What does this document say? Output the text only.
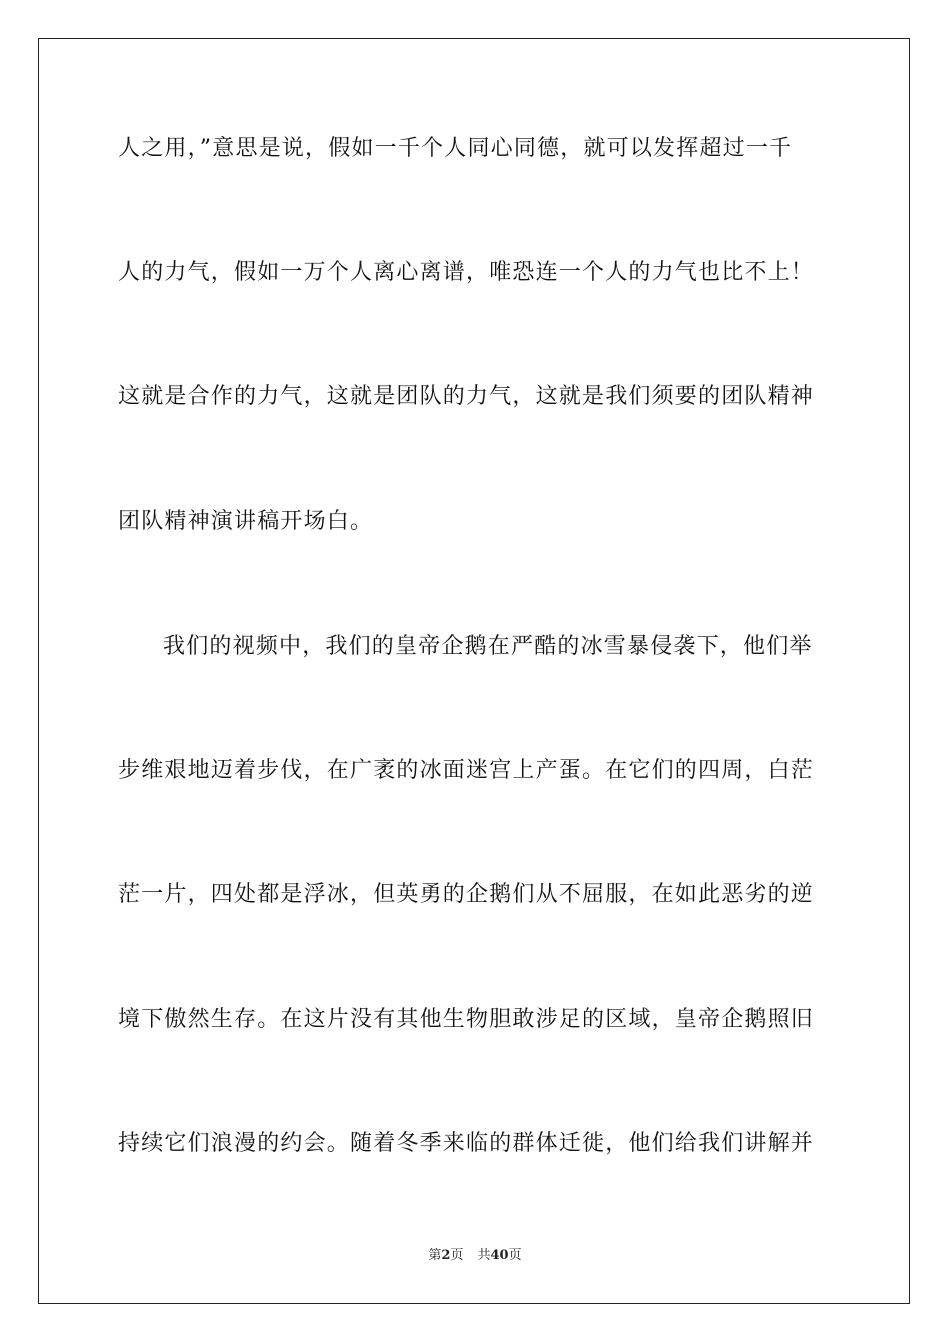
人之用，”意思是说，假如一千个人同心同德，就可以发挥超过一千
人的力气，假如一万个人离心离谱，唯恐连一个人的力气也比不上！
这就是合作的力气，这就是团队的力气，这就是我们须要的团队精神
团队精神演讲稿开场白。
我们的视频中，我们的皇帝企鹅在严酷的冰雪暴侵袭下，他们举
步维艰地迈着步伐，在广袤的冰面迷宫上产蛋。在它们的四周，白茫
茫一片，四处都是浮冰，但英勇的企鹅们从不屈服，在如此恶劣的逆
境下傲然生存。在这片没有其他生物胆敢涉足的区域，皇帝企鹅照旧
持续它们浪漫的约会。随着冬季来临的群体迁徙，他们给我们讲解并
第2页 共40页
